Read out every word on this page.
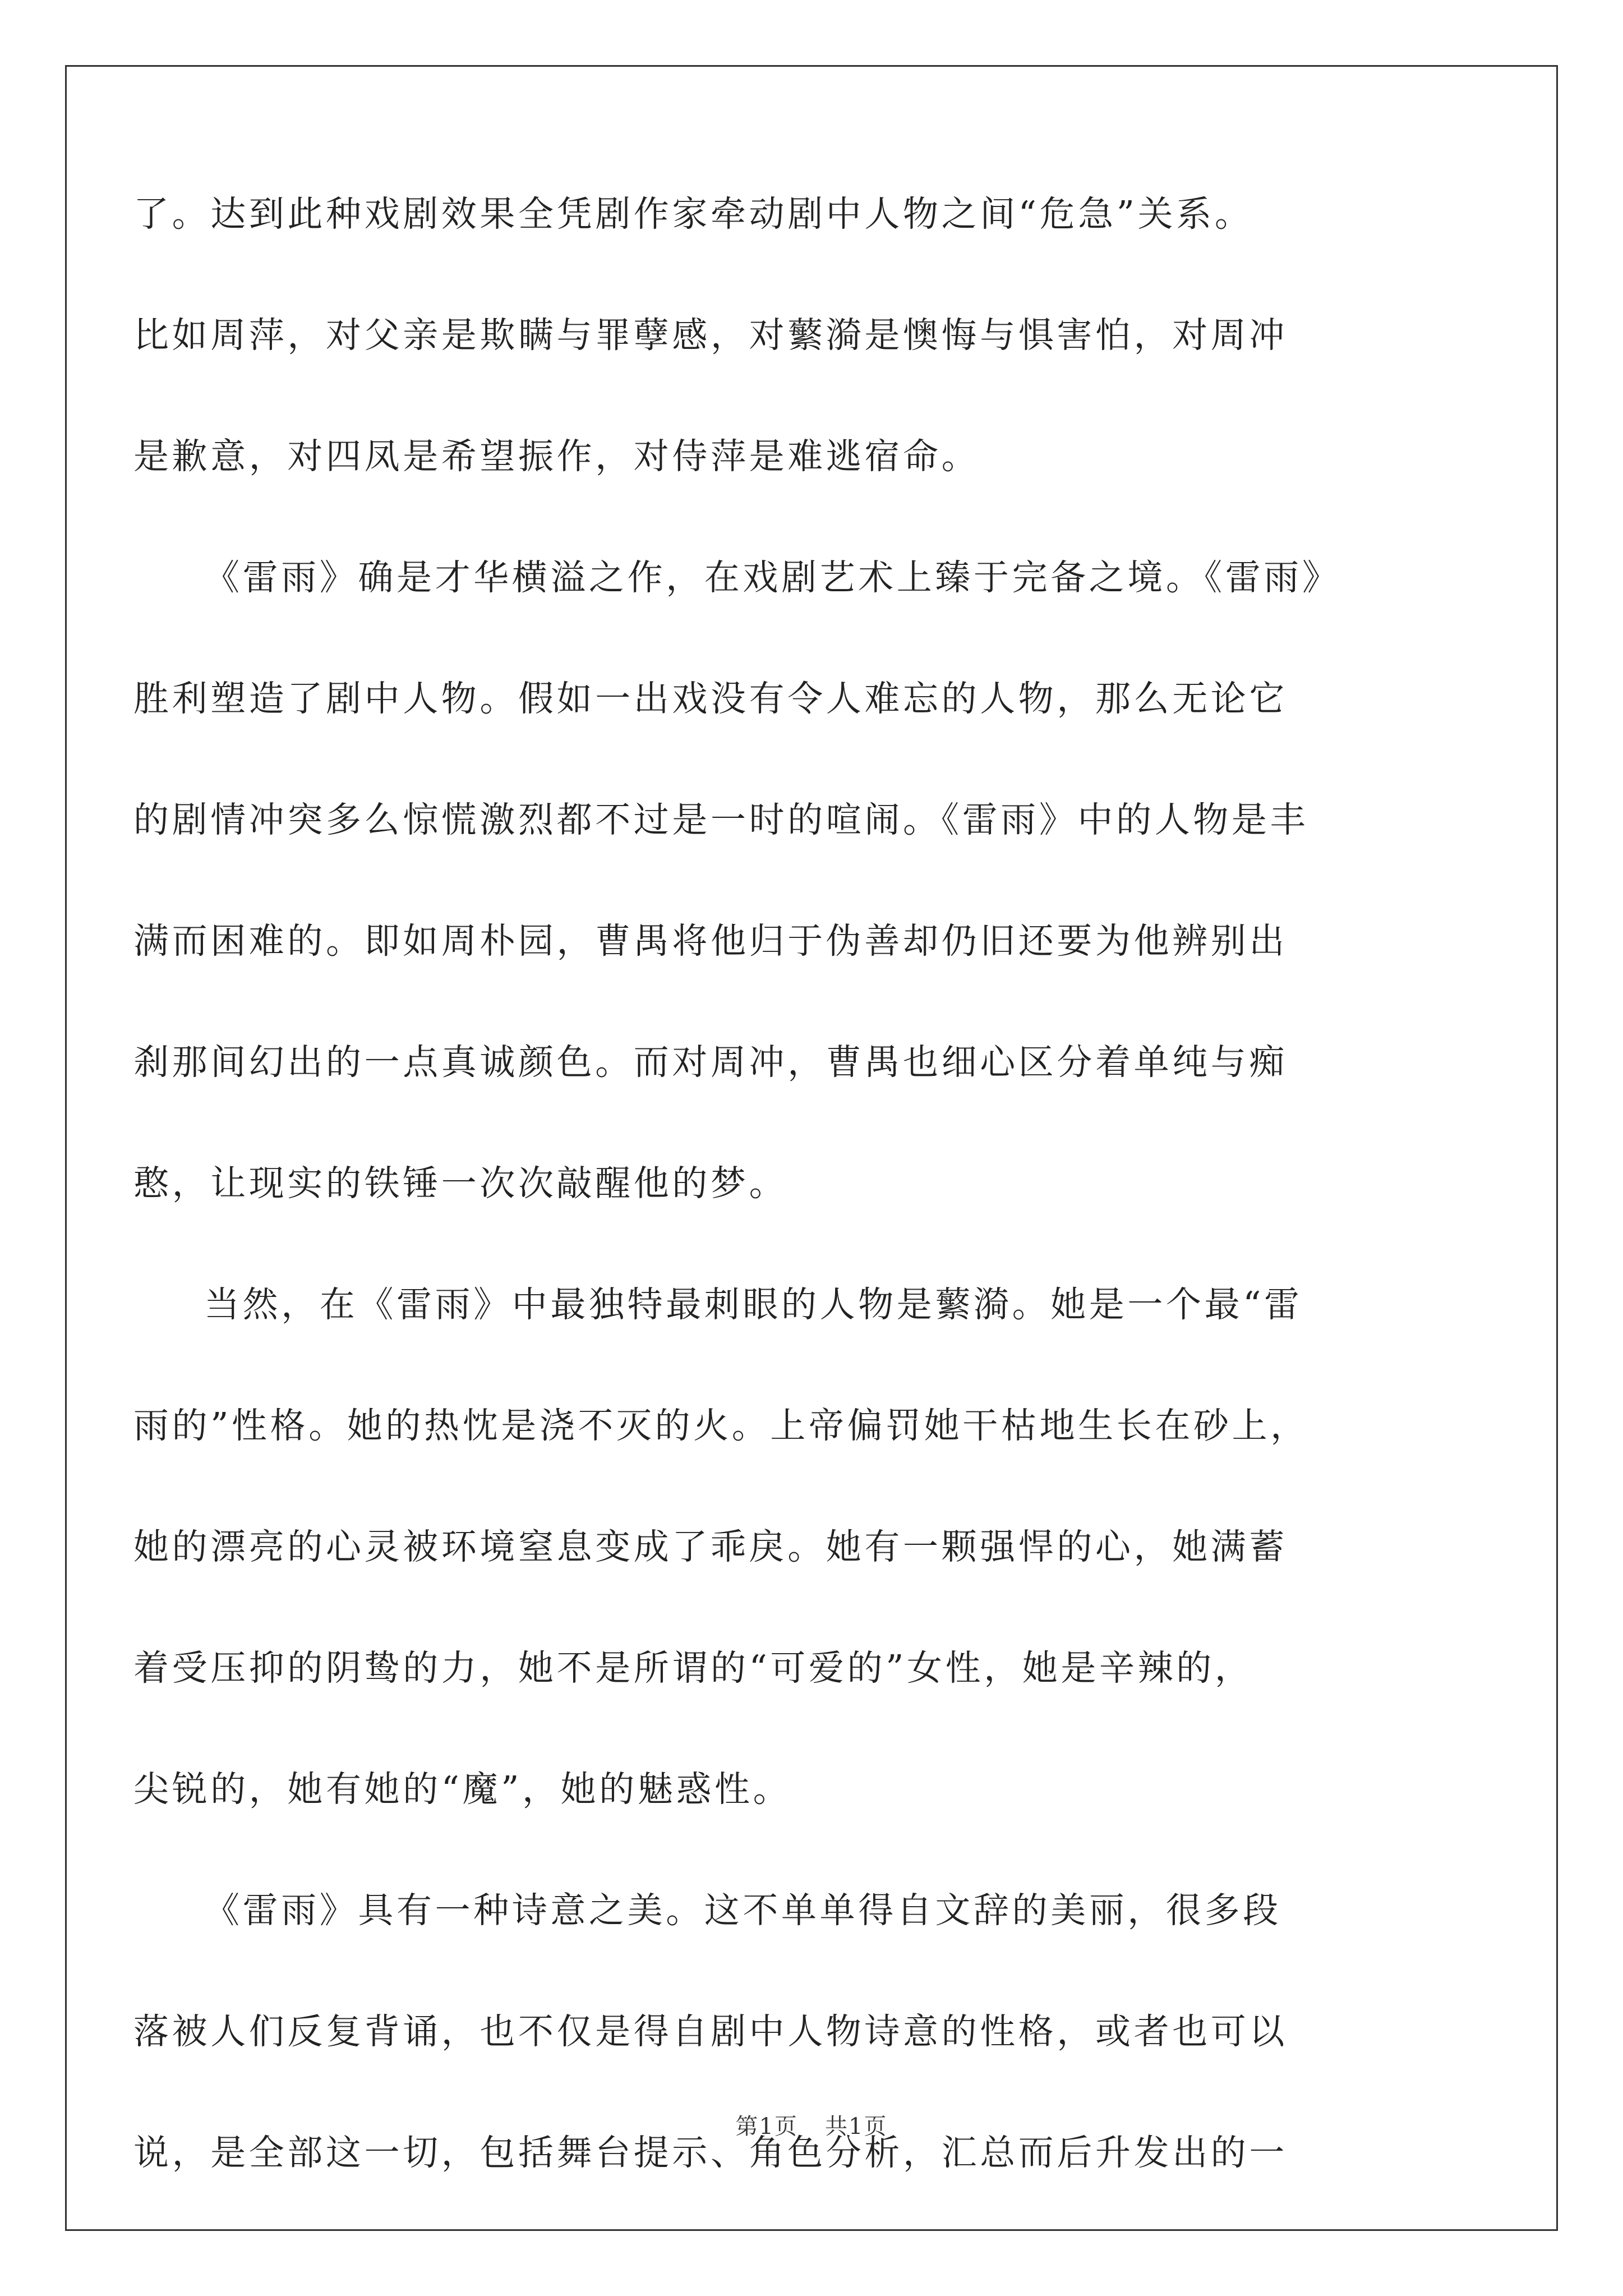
了。达到此种戏剧效果全凭剧作家牵动剧中人物之间“危急”关系。
比如周萍，对父亲是欺瞒与罪孽感，对蘩漪是懊悔与惧害怕，对周冲
是歉意，对四凤是希望振作，对侍萍是难逃宿命。
《雷雨》确是才华横溢之作，在戏剧艺术上臻于完备之境。《雷雨》
胜利塑造了剧中人物。假如一出戏没有令人难忘的人物，那么无论它
的剧情冲突多么惊慌激烈都不过是一时的喧闹。《雷雨》中的人物是丰
满而困难的。即如周朴园，曹禺将他归于伪善却仍旧还要为他辨别出
刹那间幻出的一点真诚颜色。而对周冲，曹禺也细心区分着单纯与痴
憨，让现实的铁锤一次次敲醒他的梦。
当然，在《雷雨》中最独特最刺眼的人物是蘩漪。她是一个最“雷
雨的”性格。她的热忱是浇不灭的火。上帝偏罚她干枯地生长在砂上，
她的漂亮的心灵被环境窒息变成了乖戾。她有一颗强悍的心，她满蓄
着受压抑的阴鸷的力，她不是所谓的“可爱的”女性，她是辛辣的，
尖锐的，她有她的“魔”，她的魅惑性。
《雷雨》具有一种诗意之美。这不单单得自文辞的美丽，很多段
落被人们反复背诵，也不仅是得自剧中人物诗意的性格，或者也可以
说，是全部这一切，包括舞台提示、角色分析，汇总而后升发出的一
第1页 共1页
